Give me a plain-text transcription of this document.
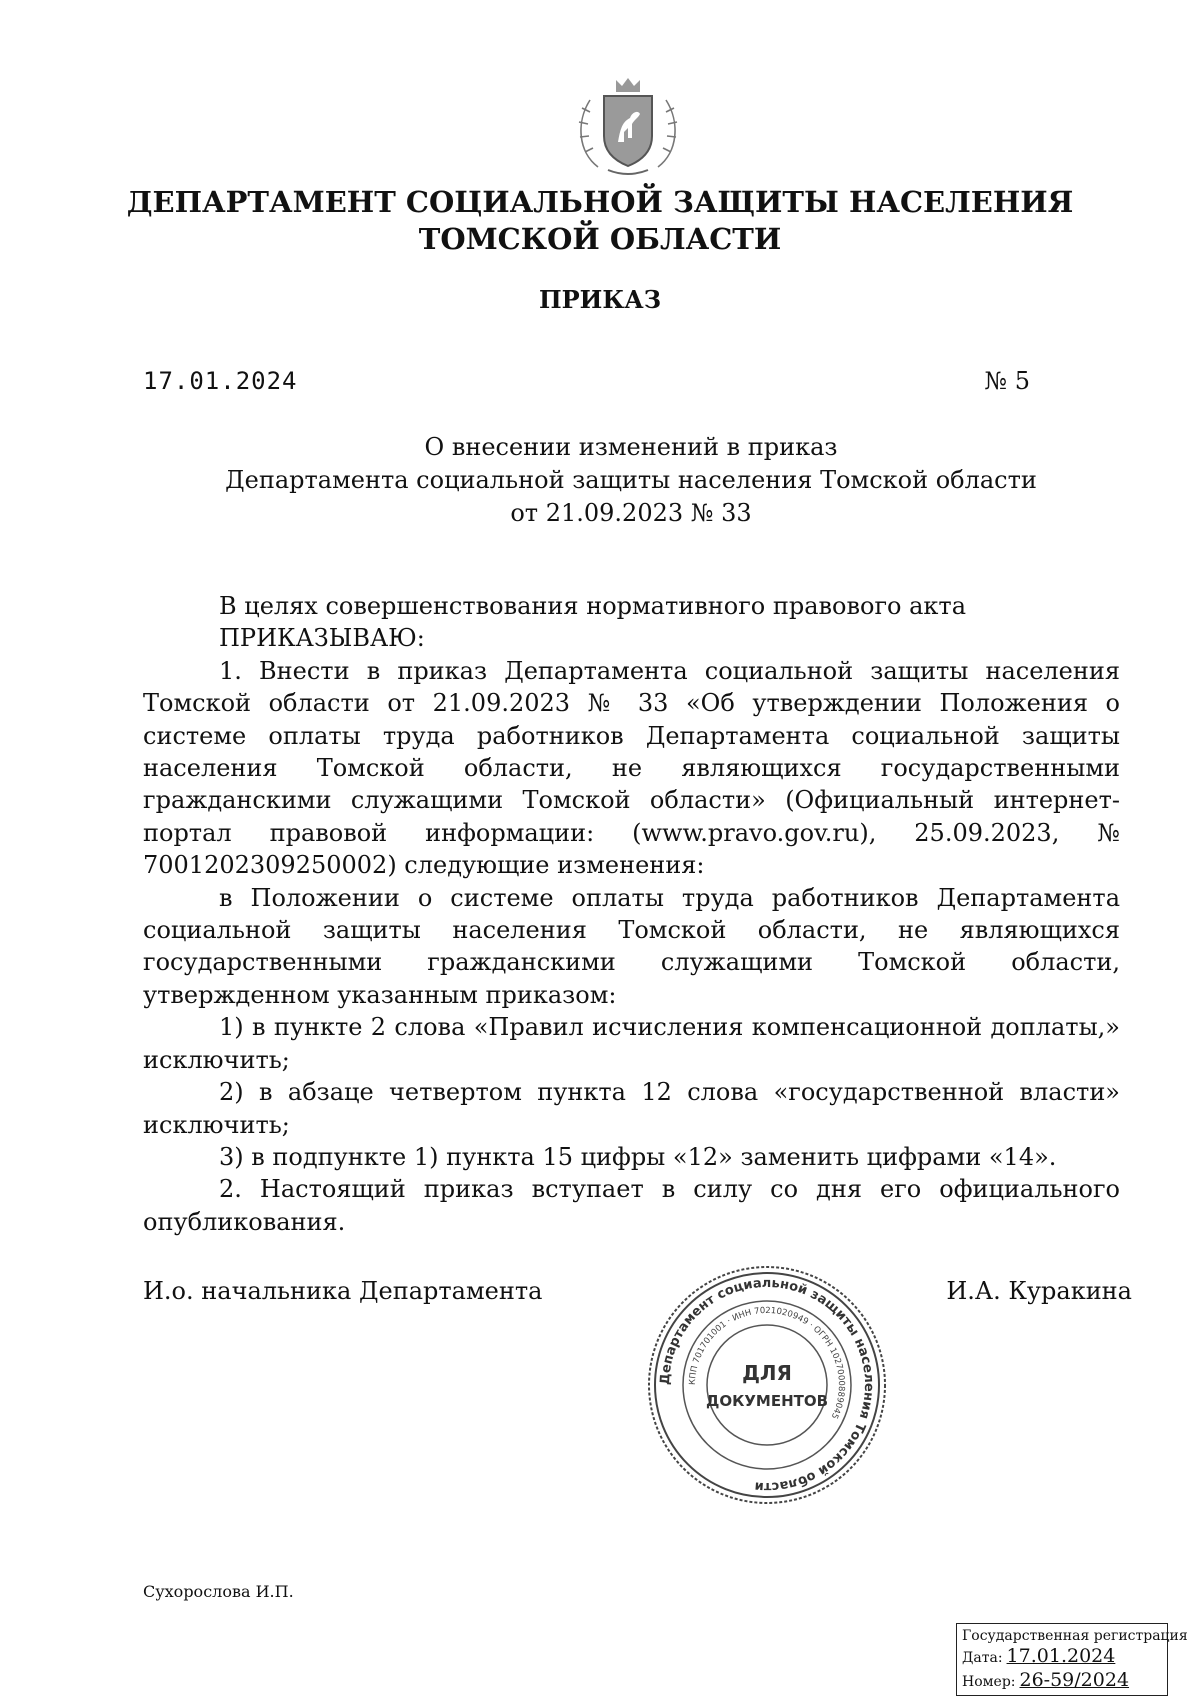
ДЕПАРТАМЕНТ СОЦИАЛЬНОЙ ЗАЩИТЫ НАСЕЛЕНИЯ
ТОМСКОЙ ОБЛАСТИ
ПРИКАЗ
17.01.2024	№ 5
О внесении изменений в приказ
Департамента социальной защиты населения Томской области
от 21.09.2023 № 33

В целях совершенствования нормативного правового акта

ПРИКАЗЫВАЮ:

1. Внести в приказ Департамента социальной защиты населения Томской области от 21.09.2023 № 33 «Об утверждении Положения о системе оплаты труда работников Департамента социальной защиты населения Томской области, не являющихся государственными гражданскими служащими Томской области» (Официальный интернет-портал правовой информации: (www.pravo.gov.ru), 25.09.2023, № 7001202309250002) следующие изменения:

в Положении о системе оплаты труда работников Департамента социальной защиты населения Томской области, не являющихся государственными гражданскими служащими Томской области, утвержденном указанным приказом:

1) в пункте 2 слова «Правил исчисления компенсационной доплаты,» исключить;

2) в абзаце четвертом пункта 12 слова «государственной власти» исключить;

3) в подпункте 1) пункта 15 цифры «12» заменить цифрами «14».

2. Настоящий приказ вступает в силу со дня его официального опубликования.

И.о. начальника Департамента	И.А. Куракина
Департамент социальной защиты населения Томской области
КПП 701701001 · ИНН 7021020949 · ОГРН 1027000889045
ДЛЯ
ДОКУМЕНТОВ
Сухорослова И.П.
Государственная регистрация
Дата: 17.01.2024
Номер: 26-59/2024
